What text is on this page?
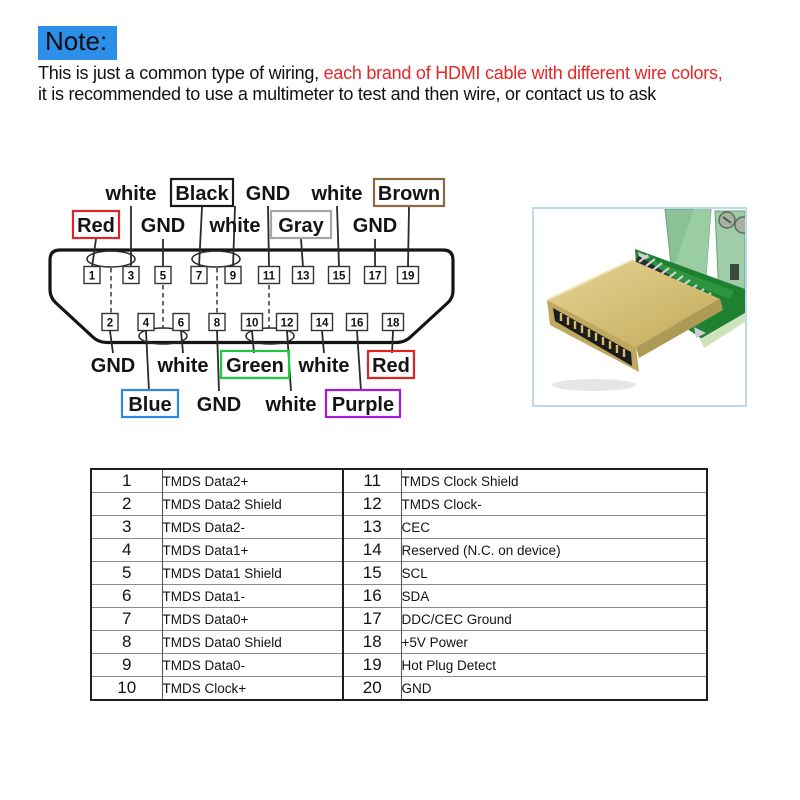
Note:
This is just a common type of wiring, each brand of HDMI cable with different wire colors,
it is recommended to use a multimeter to test and then wire, or contact us to ask
1	3 5	7 9 11 13 15 17 19
2	4 6	8 10 12 14 16 18
white Black GND white Brown
Red GND white Gray GND
GND white Green white Red
Blue GND white Purple
1	TMDS Data2+	11	TMDS Clock Shield
2	TMDS Data2 Shield	12	TMDS Clock-
3	TMDS Data2-	13	CEC
4	TMDS Data1+	14	Reserved (N.C. on device)
5	TMDS Data1 Shield	15	SCL
6	TMDS Data1-	16	SDA
7	TMDS Data0+	17	DDC/CEC Ground
8	TMDS Data0 Shield	18	+5V Power
9	TMDS Data0-	19	Hot Plug Detect
10	TMDS Clock+	20	GND
